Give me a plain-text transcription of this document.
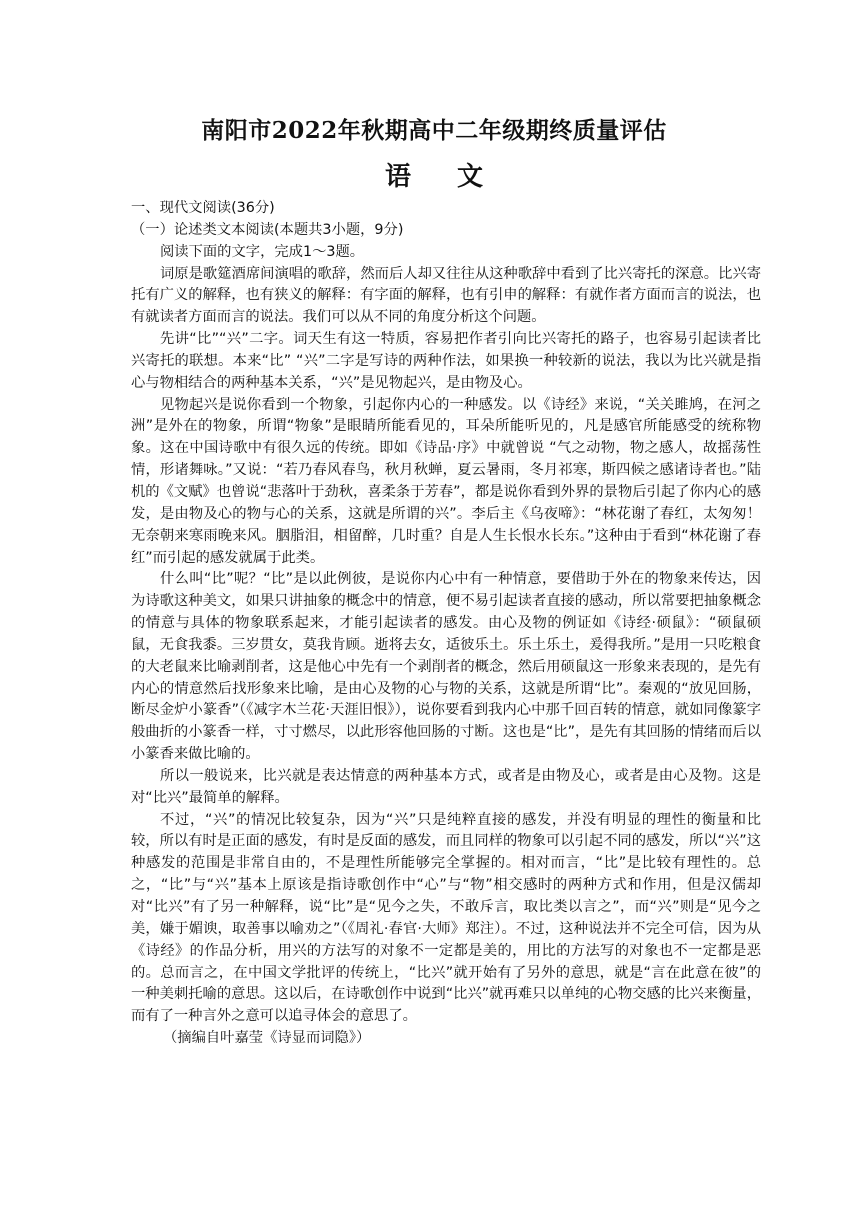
南阳市2022年秋期高中二年级期终质量评估
语 文

一、现代文阅读(36分)

（一）论述类文本阅读(本题共3小题，9分)

阅读下面的文字，完成1～3题。

词原是歌筵酒席间演唱的歌辞，然而后人却又往往从这种歌辞中看到了比兴寄托的深意。比兴寄托有广义的解释，也有狭义的解释：有字面的解释，也有引申的解释：有就作者方面而言的说法，也有就读者方面而言的说法。我们可以从不同的角度分析这个问题。

先讲“比”“兴”二字。词天生有这一特质，容易把作者引向比兴寄托的路子，也容易引起读者比兴寄托的联想。本来“比” “兴”二字是写诗的两种作法，如果换一种较新的说法，我以为比兴就是指心与物相结合的两种基本关系，“兴”是见物起兴，是由物及心。

见物起兴是说你看到一个物象，引起你内心的一种感发。以《诗经》来说，“关关雎鸠，在河之洲”是外在的物象，所谓“物象”是眼睛所能看见的，耳朵所能听见的，凡是感官所能感受的统称物象。这在中国诗歌中有很久远的传统。即如《诗品·序》中就曾说 “气之动物，物之感人，故摇荡性情，形诸舞咏。”又说：“若乃春风春鸟，秋月秋蝉，夏云暑雨，冬月祁寒，斯四候之感诸诗者也。”陆机的《文赋》也曾说“悲落叶于劲秋，喜柔条于芳春”，都是说你看到外界的景物后引起了你内心的感发，是由物及心的物与心的关系，这就是所谓的兴”。李后主《乌夜啼》：“林花谢了春红，太匆匆！无奈朝来寒雨晚来风。胭脂泪，相留醉，几时重？自是人生长恨水长东。”这种由于看到“林花谢了春红”而引起的感发就属于此类。

什么叫“比”呢？“比”是以此例彼，是说你内心中有一种情意，要借助于外在的物象来传达，因为诗歌这种美文，如果只讲抽象的概念中的情意，便不易引起读者直接的感动，所以常要把抽象概念的情意与具体的物象联系起来，才能引起读者的感发。由心及物的例证如《诗经·硕鼠》：“硕鼠硕鼠，无食我黍。三岁贯女，莫我肯顾。逝将去女，适彼乐土。乐土乐土，爰得我所。”是用一只吃粮食的大老鼠来比喻剥削者，这是他心中先有一个剥削者的概念，然后用硕鼠这一形象来表现的，是先有内心的情意然后找形象来比喻，是由心及物的心与物的关系，这就是所谓“比”。秦观的“放见回肠，断尽金炉小篆香”（《减字木兰花·天涯旧恨》），说你要看到我内心中那千回百转的情意，就如同像篆字般曲折的小篆香一样，寸寸燃尽，以此形容他回肠的寸断。这也是“比”，是先有其回肠的情绪而后以小篆香来做比喻的。

所以一般说来，比兴就是表达情意的两种基本方式，或者是由物及心，或者是由心及物。这是对“比兴”最简单的解释。

不过，“兴”的情况比较复杂，因为“兴”只是纯粹直接的感发，并没有明显的理性的衡量和比较，所以有时是正面的感发，有时是反面的感发，而且同样的物象可以引起不同的感发，所以“兴”这种感发的范围是非常自由的，不是理性所能够完全掌握的。相对而言，“比”是比较有理性的。总之，“比”与“兴”基本上原该是指诗歌创作中“心”与“物”相交感时的两种方式和作用，但是汉儒却对“比兴”有了另一种解释，说“比”是“见今之失，不敢斥言，取比类以言之”，而“兴”则是“见今之美，嫌于媚谀，取善事以喻劝之”（《周礼·春官·大师》郑注）。不过，这种说法并不完全可信，因为从《诗经》的作品分析，用兴的方法写的对象不一定都是美的，用比的方法写的对象也不一定都是恶的。总而言之，在中国文学批评的传统上，“比兴”就开始有了另外的意思，就是“言在此意在彼”的一种美刺托喻的意思。这以后，在诗歌创作中说到“比兴”就再难只以单纯的心物交感的比兴来衡量，而有了一种言外之意可以追寻体会的意思了。

（摘编自叶嘉莹《诗显而词隐》）
